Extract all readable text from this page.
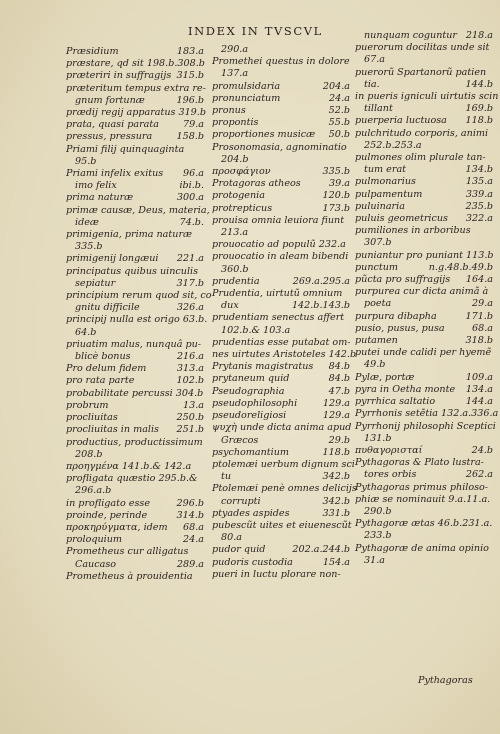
INDEX IN TVSCVL
Præsidium	183.a
præstare, qd sit 198.b.308.b
præteriri in suffragijs 315.b
præteritum tempus extra re-
gnum fortunæ	196.b
prædij regij apparatus 319.b
prata, quasi parata	79.a
pressus, pressura	158.b
Priami filij quinquaginta
95.b
Priami infelix exitus	96.a
imo felix	ibi.b.
prima naturæ	300.a
primæ causæ, Deus, materia,
ideæ	74.b.
primigenia, prima naturæ
335.b
primigenij longæui	221.a
principatus quibus uinculis
sepiatur	317.b
principium rerum quod sit, co
gnitu difficile	326.a
principij nulla est origo 63.b.
64.b
priuatim malus, nunquâ pu-
blicè bonus	216.a
Pro delum fidem	313.a
pro rata parte	102.b
probabilitate percussi 304.b
probrum	13.a
procliuitas	250.b
procliuitas in malis	251.b
productius, productissimum
208.b
προηγμένα 141.b.& 142.a
profligata quæstio 295.b.&
296.a.b
in profligato esse	296.b
proinde, perinde	314.b
προκηρύγματα, idem	68.a
proloquium	24.a
Prometheus cur alligatus
Caucaso	289.a
Prometheus à prouidentia
290.a
Promethei questus in dolore
137.a
promulsidaria	204.a
pronunciatum	24.a
pronus	52.b
propontis	55.b
proportiones musicæ	50.b
Prosonomasia, agnominatio
204.b
προσφάγιον	335.b
Protagoras atheos	39.a
protogenia	120.b
protrepticus	173.b
prouisa omnia leuiora fiunt
213.a
prouocatio ad populũ 232.a
prouocatio in aleam bibendi
360.b
prudentia	269.a.295.a
Prudentia, uirtutũ omnium
dux	142.b.143.b
prudentiam senectus affert
102.b.& 103.a
prudentias esse putabat om-
nes uirtutes Aristoteles 142.b
Prytanis magistratus	84.b
prytaneum quid	84.b
Pseudographia	47.b
pseudophilosophi	129.a
pseudoreligiosi	129.a
ψυχὴ unde dicta anima apud
Græcos	29.b
psychomantium	118.b
ptolemæi uerbum dignum sci
tu	342.b
Ptolemæi penè omnes delicijs
corrupti	342.b
ptyades aspides	331.b
pubescũt uites et eiuenescũt
80.a
pudor quid	202.a.244.b
pudoris custodia	154.a
pueri in luctu plorare non-
nunquam coguntur 218.a
puerorum docilitas unde sit
67.a
puerorũ Spartanorũ patien
tia.	144.b
in pueris igniculi uirtutis scin
tillant	169.b
puerperia luctuosa	118.b
pulchritudo corporis, animi
252.b.253.a
pulmones olim plurale tan-
tum erat	134.b
pulmonarius	135.a
pulpamentum	339.a
puluinaria	235.b
puluis geometricus	322.a
pumiliones in arboribus
307.b
puniantur pro puniant 113.b
punctum	n.g.48.b.49.b
pũcta pro suffragijs	164.a
purpurea cur dicta animã à
poeta	29.a
purpura dibapha	171.b
pusio, pusus, pusa	68.a
putamen	318.b
putei unde calidi per hyemẽ
49.b
Pylæ, portæ	109.a
pyra in Oetha monte	134.a
pyrrhica saltatio	144.a
Pyrrhonis setẽtia 132.a.336.a
Pyrrhonij philosophi Sceptici
131.b
πυθαγορισταί	24.b
Pythagoras & Plato lustra-
tores orbis	262.a
Pythagoras primus philoso-
phiæ se nominauit 9.a.11.a.
290.b
Pythagoræ ætas 46.b.231.a.
233.b
Pythagoræ de anima opinio
31.a
Pythagoras
